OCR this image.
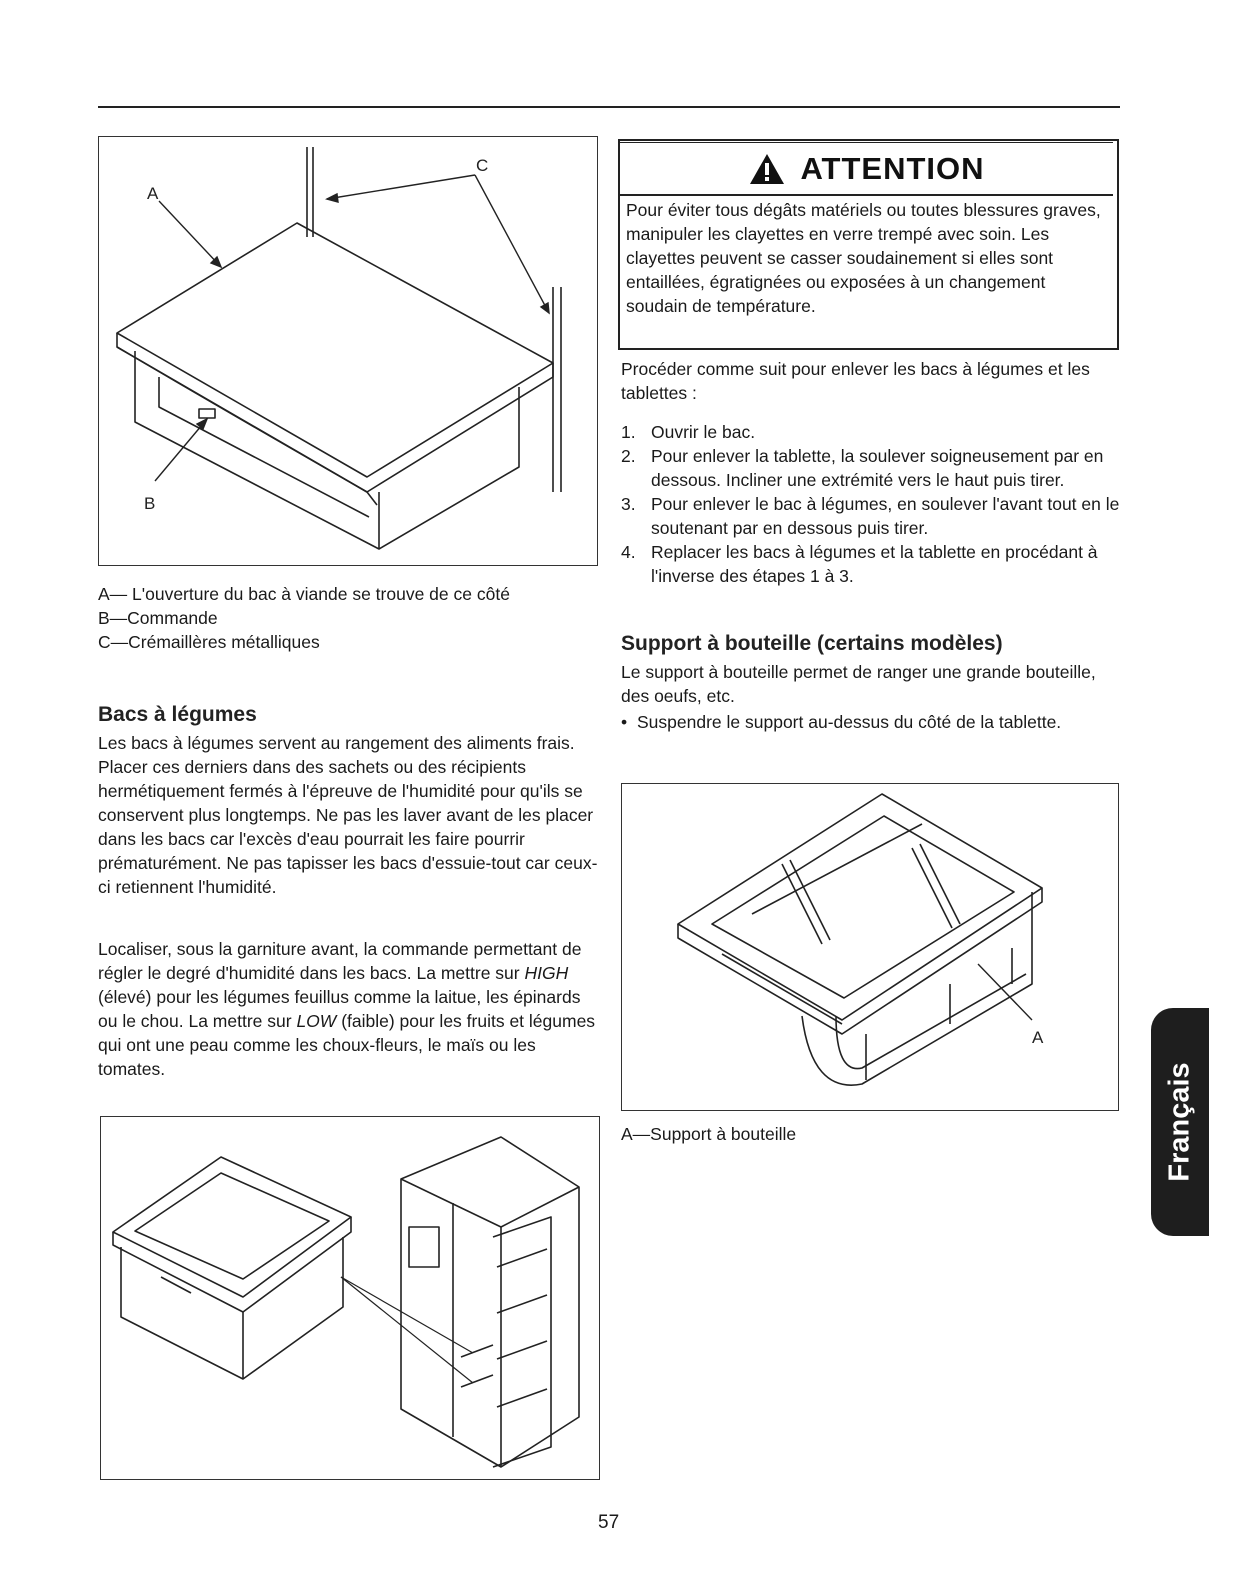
A
B
C
A— L'ouverture du bac à viande se trouve de ce côté
B—Commande
C—Crémaillères métalliques
Bacs à légumes

Les bacs à légumes servent au rangement des aliments frais. Placer ces derniers dans des sachets ou des récipients hermétiquement fermés à l'épreuve de l'humidité pour qu'ils se conservent plus longtemps. Ne pas les laver avant de les placer dans les bacs car l'excès d'eau pourrait les faire pourrir prématurément. Ne pas tapisser les bacs d'essuie-tout car ceux-ci retiennent l'humidité.

Localiser, sous la garniture avant, la commande permettant de régler le degré d'humidité dans les bacs. La mettre sur HIGH (élevé) pour les légumes feuillus comme la laitue, les épinards ou le chou. La mettre sur LOW (faible) pour les fruits et légumes qui ont une peau comme les choux-fleurs, le maïs ou les tomates.

ATTENTION

Pour éviter tous dégâts matériels ou toutes blessures graves, manipuler les clayettes en verre trempé avec soin. Les clayettes peuvent se casser soudainement si elles sont entaillées, égratignées ou exposées à un changement soudain de température.

Procéder comme suit pour enlever les bacs à légumes et les tablettes :

1. Ouvrir le bac.
2. Pour enlever la tablette, la soulever soigneusement par en dessous. Incliner une extrémité vers le haut puis tirer.
3. Pour enlever le bac à légumes, en soulever l'avant tout en le soutenant par en dessous puis tirer.
4. Replacer les bacs à légumes et la tablette en procédant à l'inverse des étapes 1 à 3.
Support à bouteille (certains modèles)

Le support à bouteille permet de ranger une grande bouteille, des oeufs, etc.

• Suspendre le support au-dessus du côté de la tablette.
A
A—Support à bouteille
57
Français
